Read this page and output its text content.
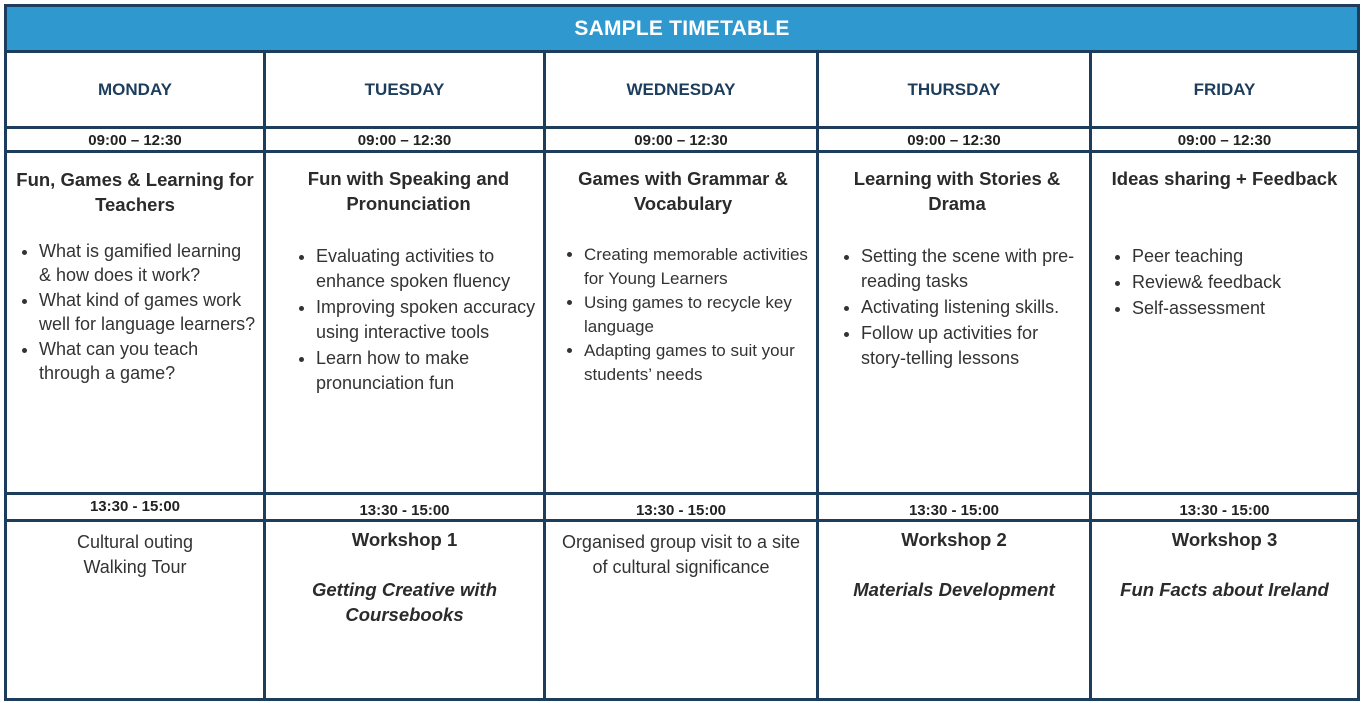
SAMPLE TIMETABLE
MONDAY
09:00 – 12:30
Fun, Games & Learning for Teachers
• What is gamified learning & how does it work?
• What kind of games work well for language learners?
• What can you teach through a game?
13:30 - 15:00
Cultural outing
Walking Tour
TUESDAY
09:00 – 12:30
Fun with Speaking and Pronunciation
• Evaluating activities to enhance spoken fluency
• Improving spoken accuracy using interactive tools
• Learn how to make pronunciation fun
13:30 - 15:00
Workshop 1
Getting Creative with Coursebooks
WEDNESDAY
09:00 – 12:30
Games with Grammar & Vocabulary
• Creating memorable activities for Young Learners
• Using games to recycle key language
• Adapting games to suit your students’ needs
13:30 - 15:00
Organised group visit to a site of cultural significance
THURSDAY
09:00 – 12:30
Learning with Stories & Drama
• Setting the scene with pre-reading tasks
• Activating listening skills.
• Follow up activities for story-telling lessons
13:30 - 15:00
Workshop 2
Materials Development
FRIDAY
09:00 – 12:30
Ideas sharing + Feedback
• Peer teaching
• Review& feedback
• Self-assessment
13:30 - 15:00
Workshop 3
Fun Facts about Ireland
